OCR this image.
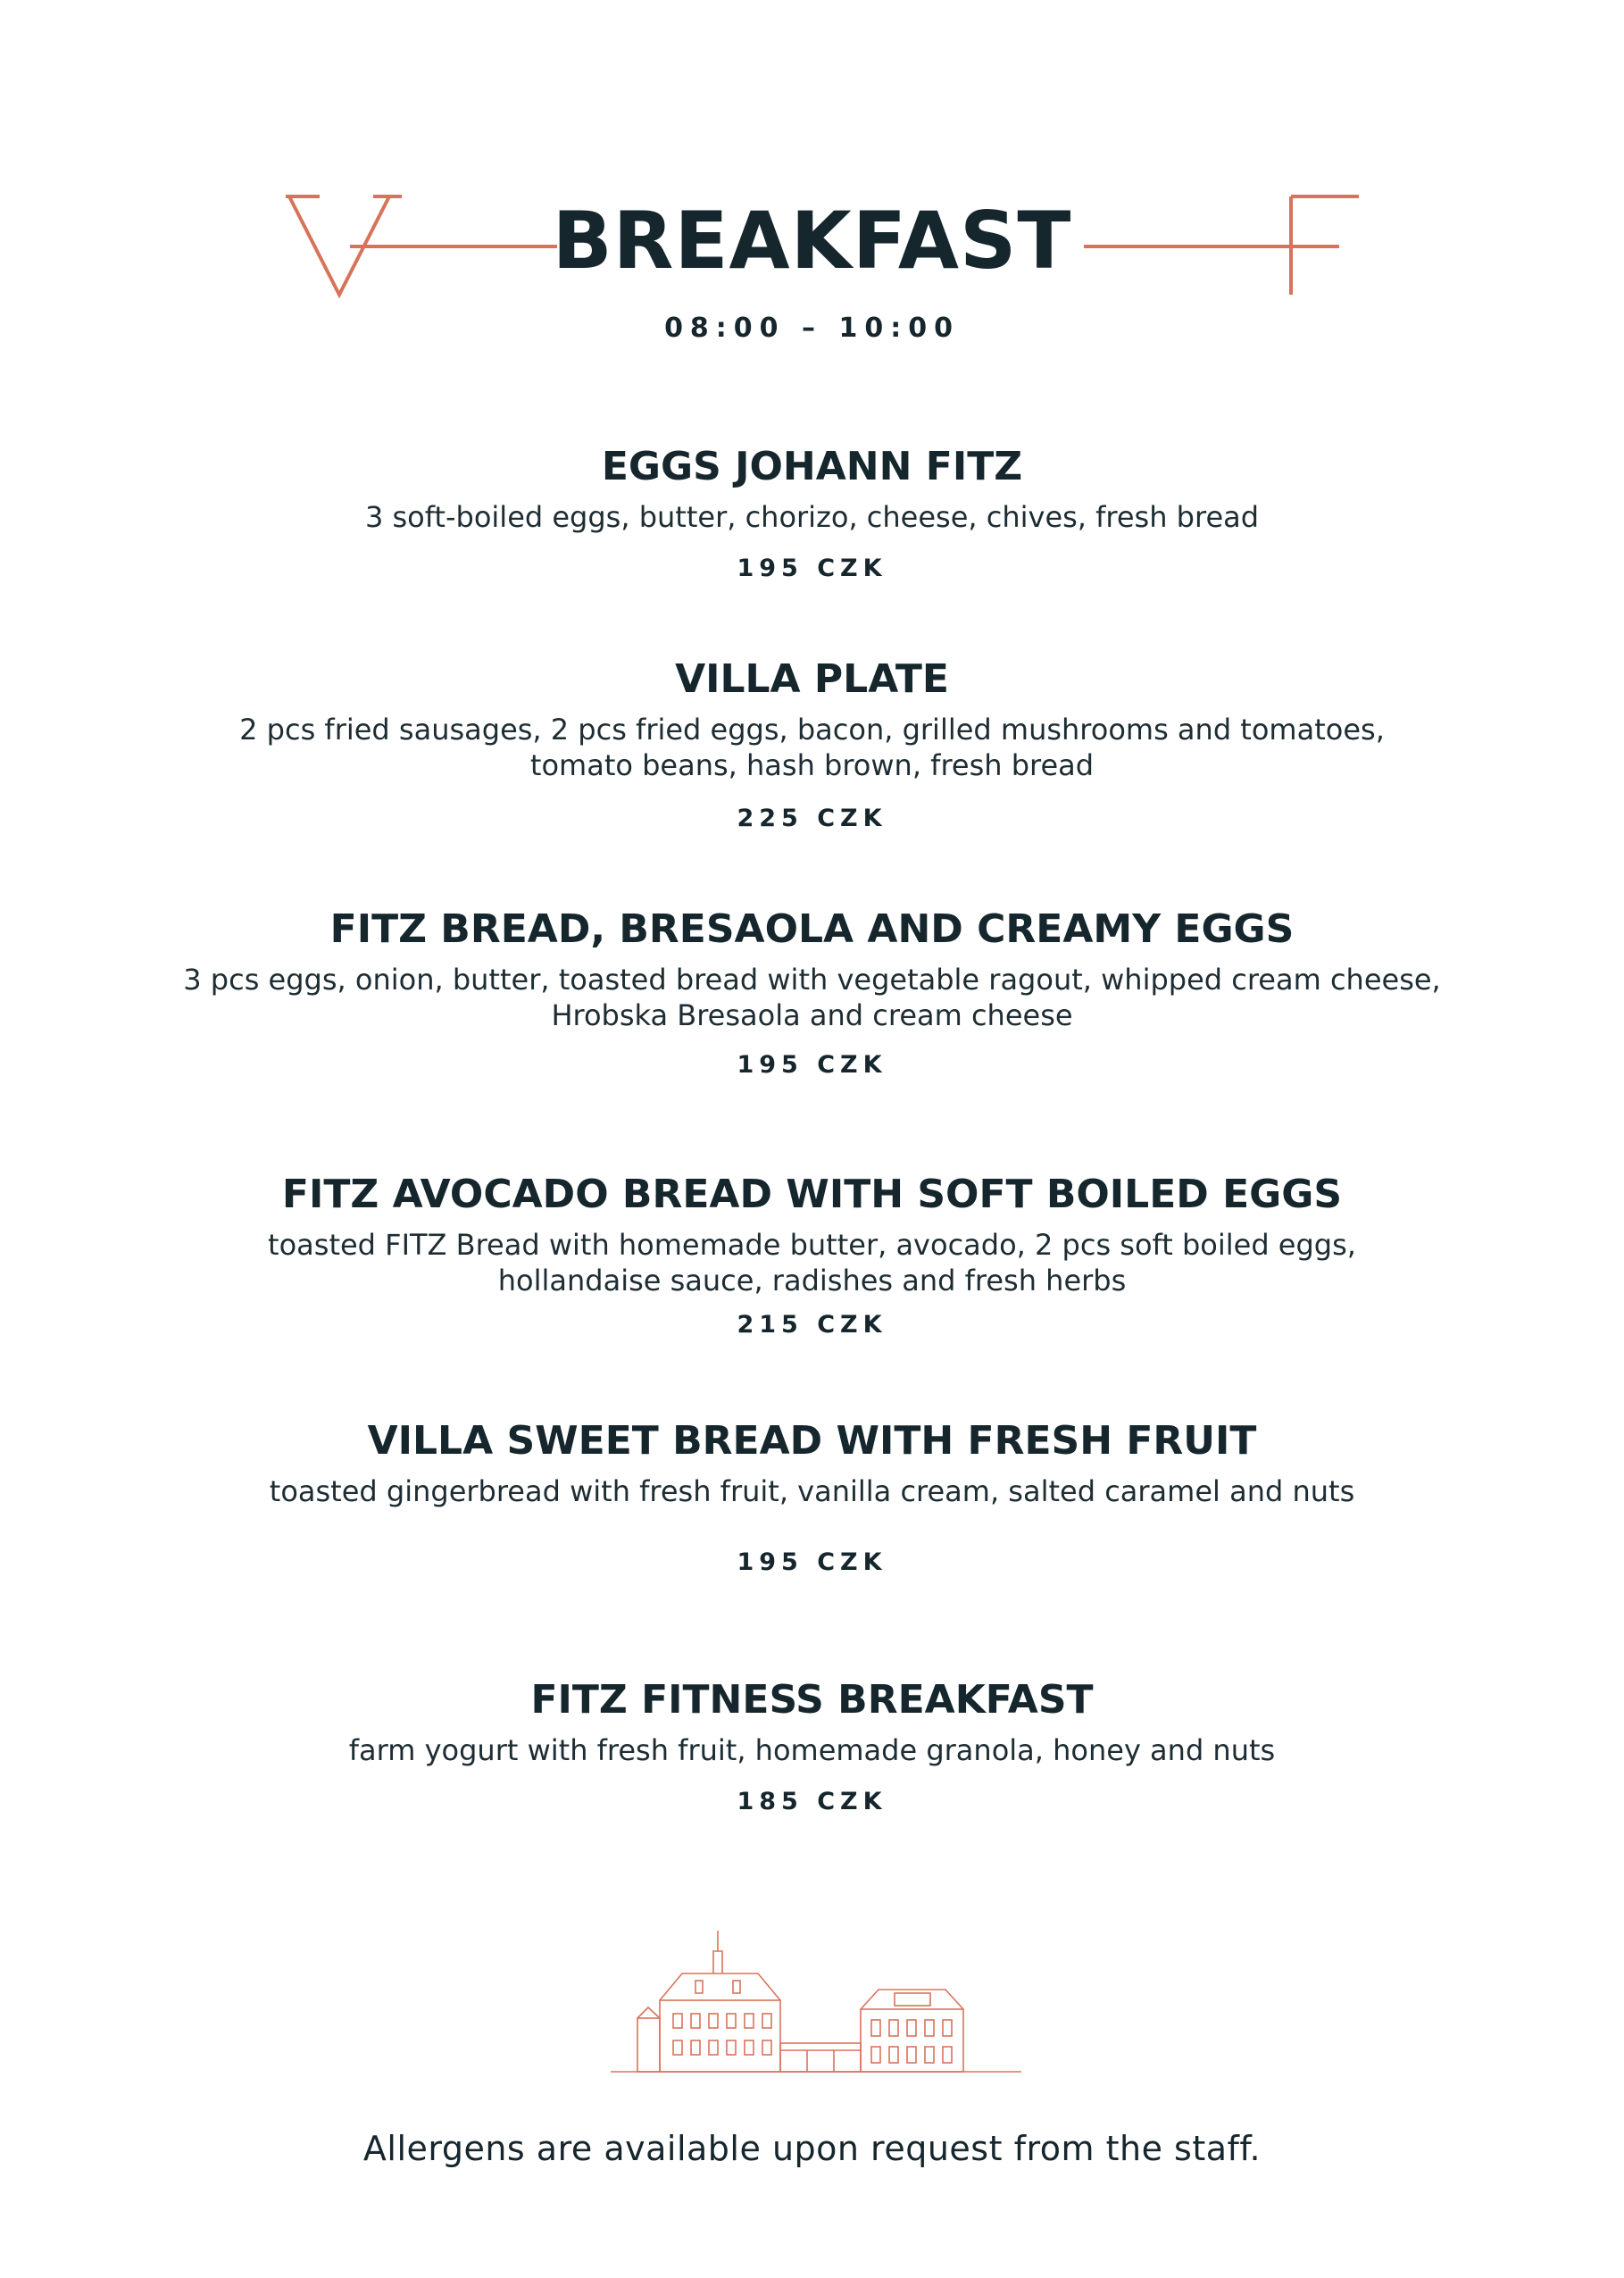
BREAKFAST
08:00 – 10:00
EGGS JOHANN FITZ
3 soft-boiled eggs, butter, chorizo, cheese, chives, fresh bread
195 CZK
VILLA PLATE
2 pcs fried sausages, 2 pcs fried eggs, bacon, grilled mushrooms and tomatoes,
tomato beans, hash brown, fresh bread
225 CZK
FITZ BREAD, BRESAOLA AND CREAMY EGGS
3 pcs eggs, onion, butter, toasted bread with vegetable ragout, whipped cream cheese,
Hrobska Bresaola and cream cheese
195 CZK
FITZ AVOCADO BREAD WITH SOFT BOILED EGGS
toasted FITZ Bread with homemade butter, avocado, 2 pcs soft boiled eggs,
hollandaise sauce, radishes and fresh herbs
215 CZK
VILLA SWEET BREAD WITH FRESH FRUIT
toasted gingerbread with fresh fruit, vanilla cream, salted caramel and nuts
195 CZK
FITZ FITNESS BREAKFAST
farm yogurt with fresh fruit, homemade granola, honey and nuts
185 CZK
Allergens are available upon request from the staff.
